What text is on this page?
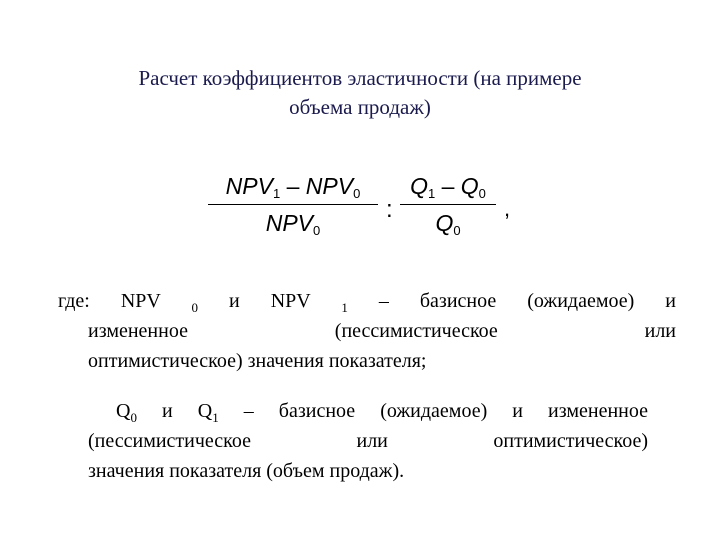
Расчет коэффициентов эластичности (на примере
объема продаж)
$NPV_1 - NPV_0$
$NPV_0$
:
$Q_1 - Q_0$
$Q_0$
,
где: NPV $_0$ и NPV $_1$ – базисное (ожидаемое) и
измененное (пессимистическое или
оптимистическое) значения показателя;
$Q_0$ и $Q_1$ – базисное (ожидаемое) и измененное
(пессимистическое или оптимистическое)
значения показателя (объем продаж).
